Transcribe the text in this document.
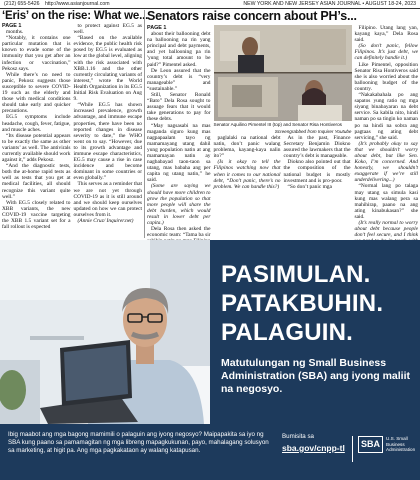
(212) 655-5426 http://www.asianjournal.com	NEW YORK AND NEW JERSEY ASIAN JOURNAL • AUGUST 18-24, 2023
‘Eris’ on the rise: What we...

PAGE 1

months.

“Notably, it contains one particular mutation that is known to evade some of the immunity that you get after an infection or vaccination,” Pekosz says.

While there’s no need to panic, Pekosz suggests those susceptible to severe COVID-19 such as the elderly and those with medical conditions should take early and quicker precautions.

EG.5 symptoms include headache, cough, fever, fatigue, and muscle aches.

“Its disease potential appears to be exactly the same as other variants’ as well. The antivirals currently available should work against it,” adds Pekosz.

“And the diagnostic tests, both the at-home rapid tests as well as tests that you get at medical facilities, all should recognize this variant quite well.”

With EG.5 closely related to XBB variants, the new COVID-19 vaccine targeting the XBB 1.5 variant set for a fall rollout is expected

to protect against EG.5 as well.

“Based on the available evidence, the public health risk posed by EG.5 is evaluated as low at the global level, aligning with the risk associated with XBB.1.16 and the other currently circulating variants of interest,” wrote the World Health Organization in its EG.5 Initial Risk Evaluation on Aug 9.

“While EG.5 has shown increased prevalence, growth advantage, and immune escape properties, there have been no reported changes in disease severity to date,” the WHO went on to say. “However, due to its growth advantage and immune escape characteristics, EG.5 may cause a rise in case incidence and become dominant in some countries or even globally.”

This serves as a reminder that we are not yet through COVID-19 as it is still around and we should keep ourselves updated on how we can protect ourselves from it.

(Annie Cruz/ Inquirer.net)

Senators raise concern about PH’s...

PAGE 1

about their ballooning debt na ballooning na rin yang principal and debt payments, and yet ballooning pa rin 'yung total amount to be paid?” Pimentel asked.

De Leon assured that the country’s debt is “very manageable” and “sustainable.”

Still, Senator Ronald “Bato” Dela Rosa sought to assuage fears that it would take generations to pay for these debts.

“May nagsasabi na mas maganda siguro kung mas nagpapaalam tayo ng mamamayang utang dahil yung population natin at ang mamamayan natin ay nagbabayad taon-taon sa utang, mas babaha ang per capita ng utang natin,” he said.

(Some are saying we should have more children to grow the population so that more people will share the debt burden, which would result in lower debt per capita.)

Dela Rosa then asked the economic team: “Tama ba sir

Senator Aquilino Pimentel III (top) and Senator Risa Hontiveros
Screengrabbed from Inquirer Youtube

paglalaki na national debt natin, don’t panic walang problema, kayang-kaya nalin ito?”

(Is it okay to tell the Filipinos watching now that when it comes to our national debt, “Don’t panic, there’s no problem. We can handle this?)

As in the past, Finance Secretary Benjamin Diokno assured the lawmakers that the country’s debt is manageable.

Diokno also pointed out that the composition of the national budget is mostly investment and is pro-poor.

“So don’t panic mga

Filipino. Utang lang yan, kayang kaya,” Dela Rosa said.

(So don’t panic, fellow Filipinos. It’s just debt, we can definitely handle it.)

Like Pimentel, opposition Senator Risa Hontiveros said she is also worried about the ballooning budget of the country.

“Nakakabahala po ang sapatos yung ratio ng mga siyang binabayaran na debt service. Sa kabila nito, hindi naman po sa tingin ko naman po na hindi na sobra ang pagtaas ng ating debt servicing,” she said.

(It’s probably okay to say that we shouldn’t worry about debt, but like Sen. Koko, I’m concerned. And honestly, we shouldn’t exaggerate if we’re still underdelivering...)

“Normal lang po talaga may utang sa simula kasi kung mas walang pera sa mahihirap, paano na ang ating kinabukasan?” she said.

(It’s really normal to worry about debt because people don’t feel secure, and I think

PASIMULAN.
PATAKBUHIN.
PALAGUIN.
Matutulungan ng Small Business Administration (SBA) ang iyong maliit na negosyo.
Ibig maabot ang mga bagong mamimili o palaguin ang iyong negosyo? Maipapakita sa iyo ng SBA kung paano sa pamamagitan ng mga libreng mapagkukunan, payo, mahalagang solusyon sa marketing, at higit pa. Ang mga pagkakataon ay walang katapusan.
Bumisita sa
sba.gov/cnpp-tl	SBA
U.S. Small Business
Administration
